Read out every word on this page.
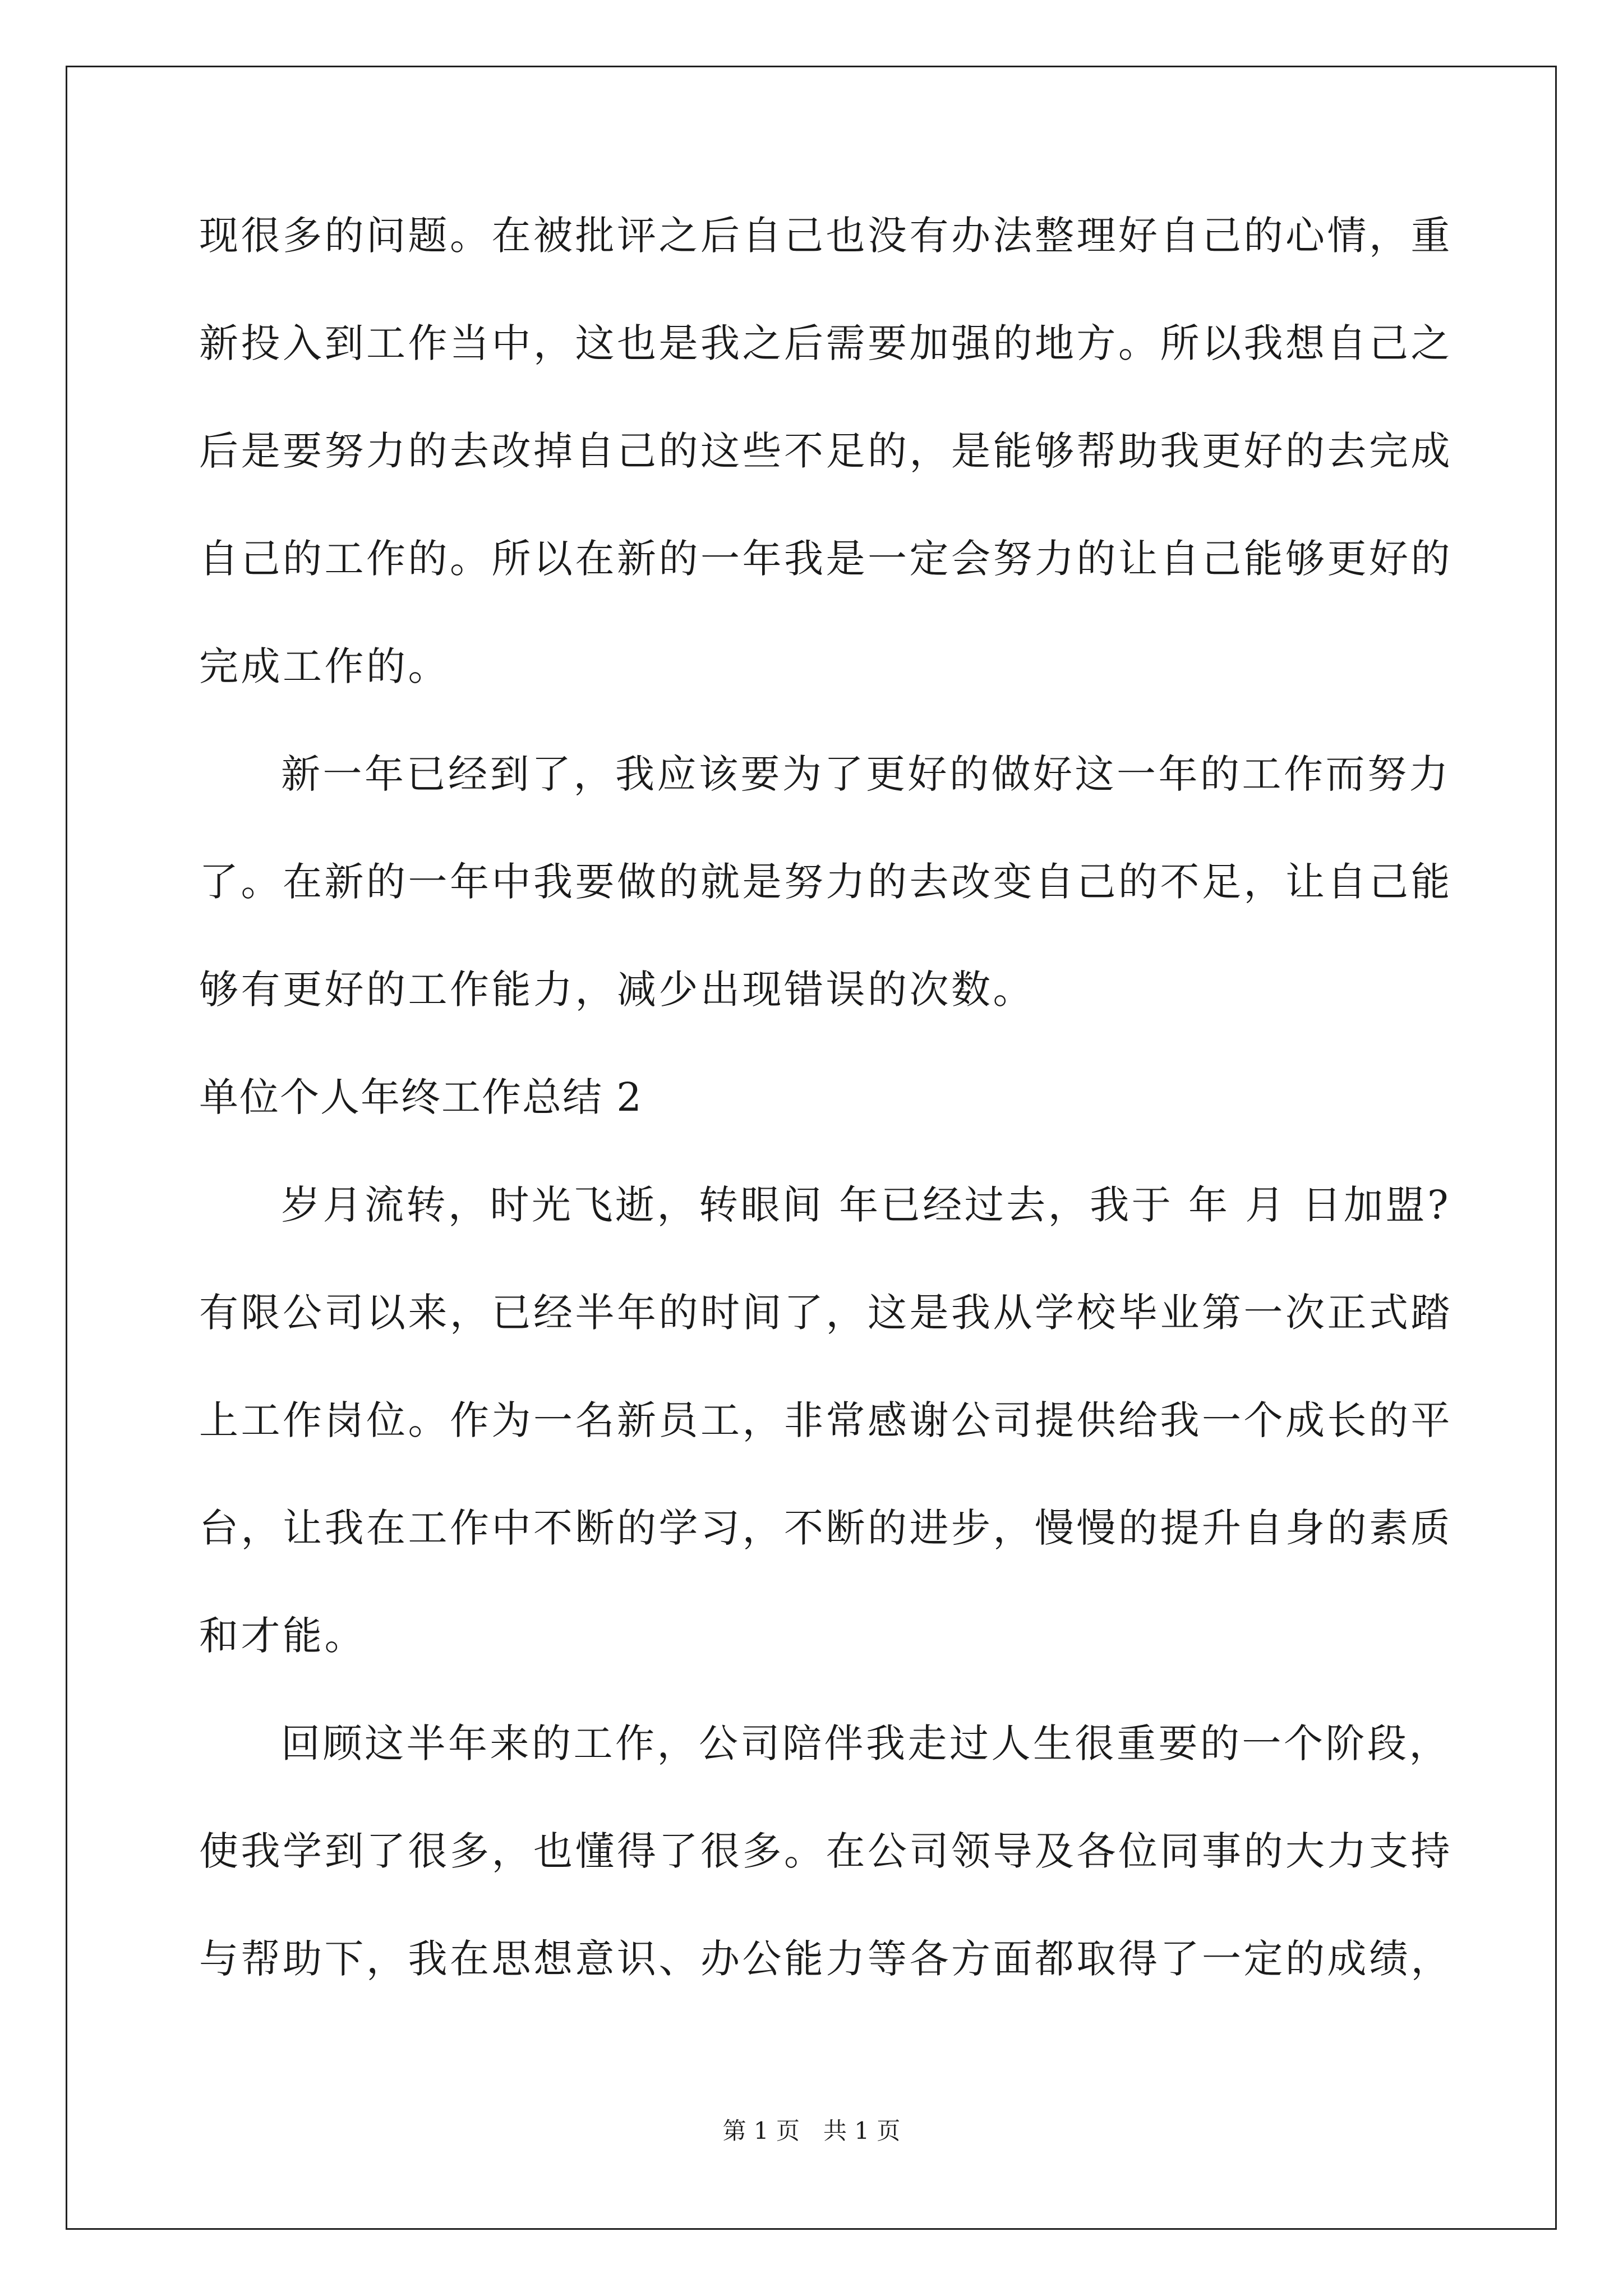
现很多的问题。在被批评之后自己也没有办法整理好自己的心情，重
新投入到工作当中，这也是我之后需要加强的地方。所以我想自己之
后是要努力的去改掉自己的这些不足的，是能够帮助我更好的去完成
自己的工作的。所以在新的一年我是一定会努力的让自己能够更好的
完成工作的。
新一年已经到了，我应该要为了更好的做好这一年的工作而努力
了。在新的一年中我要做的就是努力的去改变自己的不足，让自己能
够有更好的工作能力，减少出现错误的次数。
单位个人年终工作总结 2
岁月流转，时光飞逝，转眼间 年已经过去，我于 年 月 日加盟?
有限公司以来，已经半年的时间了，这是我从学校毕业第一次正式踏
上工作岗位。作为一名新员工，非常感谢公司提供给我一个成长的平
台，让我在工作中不断的学习，不断的进步，慢慢的提升自身的素质
和才能。
回顾这半年来的工作，公司陪伴我走过人生很重要的一个阶段，
使我学到了很多，也懂得了很多。在公司领导及各位同事的大力支持
与帮助下，我在思想意识、办公能力等各方面都取得了一定的成绩，
第 1 页　共 1 页
